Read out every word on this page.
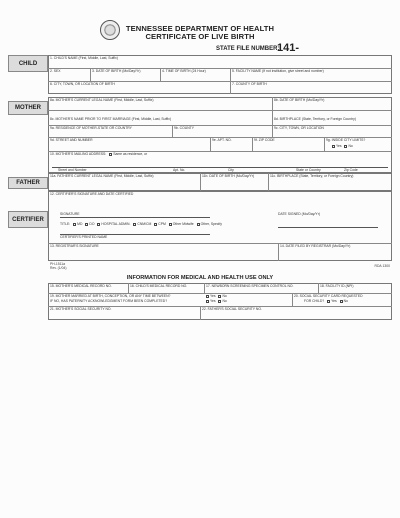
TENNESSEE DEPARTMENT OF HEALTH
CERTIFICATE OF LIVE BIRTH
STATE FILE NUMBER:
141-
CHILD
1. CHILD'S NAME (First, Middle, Last, Suffix)
2. SEX	3. DATE OF BIRTH (Mo/Day/Yr)	4. TIME OF BIRTH (24 Hour)	5. FACILITY NAME (If not institution, give street and number)
6. CITY, TOWN, OR LOCATION OF BIRTH	7. COUNTY OF BIRTH
MOTHER
8a. MOTHER'S CURRENT LEGAL NAME (First, Middle, Last, Suffix)	8b. DATE OF BIRTH (Mo/Day/Yr)
8c. MOTHER'S NAME PRIOR TO FIRST MARRIAGE (First, Middle, Last, Suffix)	8d. BIRTHPLACE (State, Territory, or Foreign Country)
9a. RESIDENCE OF MOTHER-STATE OR COUNTRY	9b. COUNTY	9c. CITY, TOWN, OR LOCATION
9d. STREET AND NUMBER	9e. APT. NO.	9f. ZIP CODE	9g. INSIDE CITY LIMITS?
Yes No
10. MOTHER'S MAILING ADDRESS: Same as residence, or
Street and Number	Apt. No.	City	State or Country	Zip Code
FATHER
11a. FATHER'S CURRENT LEGAL NAME (First, Middle, Last, Suffix)	11b. DATE OF BIRTH (Mo/Day/Yr)	11c. BIRTHPLACE (State, Territory, or Foreign Country)
CERTIFIER
12. CERTIFIER'S SIGNATURE AND DATE CERTIFIED
SIGNATURE	DATE SIGNED (Mo/Day/Yr)
TITLE: MD DO HOSPITAL ADMIN. CNM/CM CPM Other Midwife Other, Specify
CERTIFIER'S PRINTED NAME
13. REGISTRAR'S SIGNATURE	14. DATE FILED BY REGISTRAR (Mo/Day/Yr)
PH-1511a
Rev. (1/04)	RDA 1300
INFORMATION FOR MEDICAL AND HEALTH USE ONLY
15. MOTHER'S MEDICAL RECORD NO.	16. CHILD'S MEDICAL RECORD NO.	17. NEWBORN SCREENING SPECIMEN CONTROL NO.	18. FACILITY ID.(NPI)
19. MOTHER MARRIED AT BIRTH, CONCEPTION, OR ANY TIME BETWEEN?
IF NO, HAS PATERNITY ACKNOWLEDGMENT FORM BEEN COMPLETED?
Yes No
Yes No
20. SOCIAL SECURITY CARD REQUESTED
FOR CHILD? Yes No
21. MOTHER'S SOCIAL SECURITY NO.	22. FATHER'S SOCIAL SECURITY NO.
